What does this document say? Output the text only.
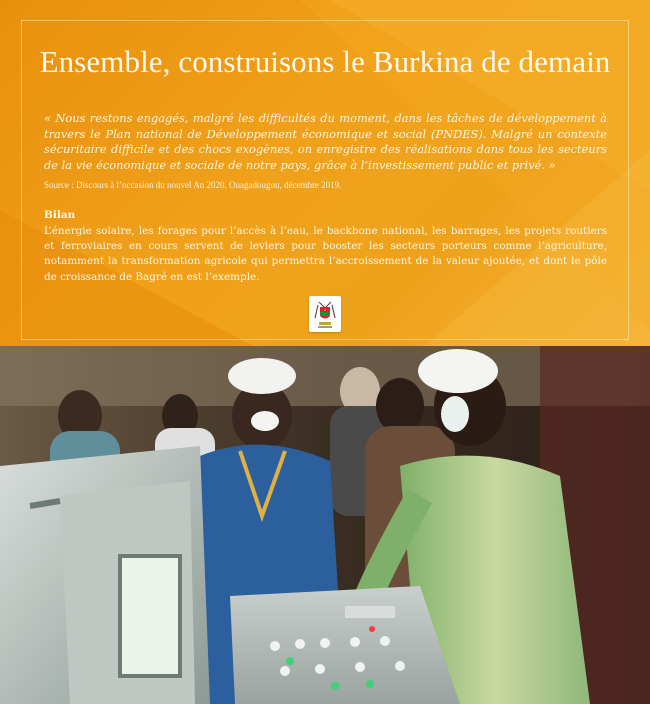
Ensemble, construisons le Burkina de demain

« Nous restons engagés, malgré les difficultés du moment, dans les tâches de développement à travers le Plan national de Développement économique et social (PNDES). Malgré un contexte sécuritaire difficile et des chocs exogènes, on enregistre des réalisations dans tous les secteurs de la vie économique et sociale de notre pays, grâce à l’investissement public et privé. »

Source : Discours à l’occasion du nouvel An 2020. Ouagadougou, décembre 2019.

Bilan

L’énergie solaire, les forages pour l’accès à l’eau, le backbone national, les barrages, les projets routiers et ferroviaires en cours servent de leviers pour booster les secteurs porteurs comme l’agriculture, notamment la transformation agricole qui permettra l’accroissement de la valeur ajoutée, et dont le pôle de croissance de Bagré en est l’exemple.
